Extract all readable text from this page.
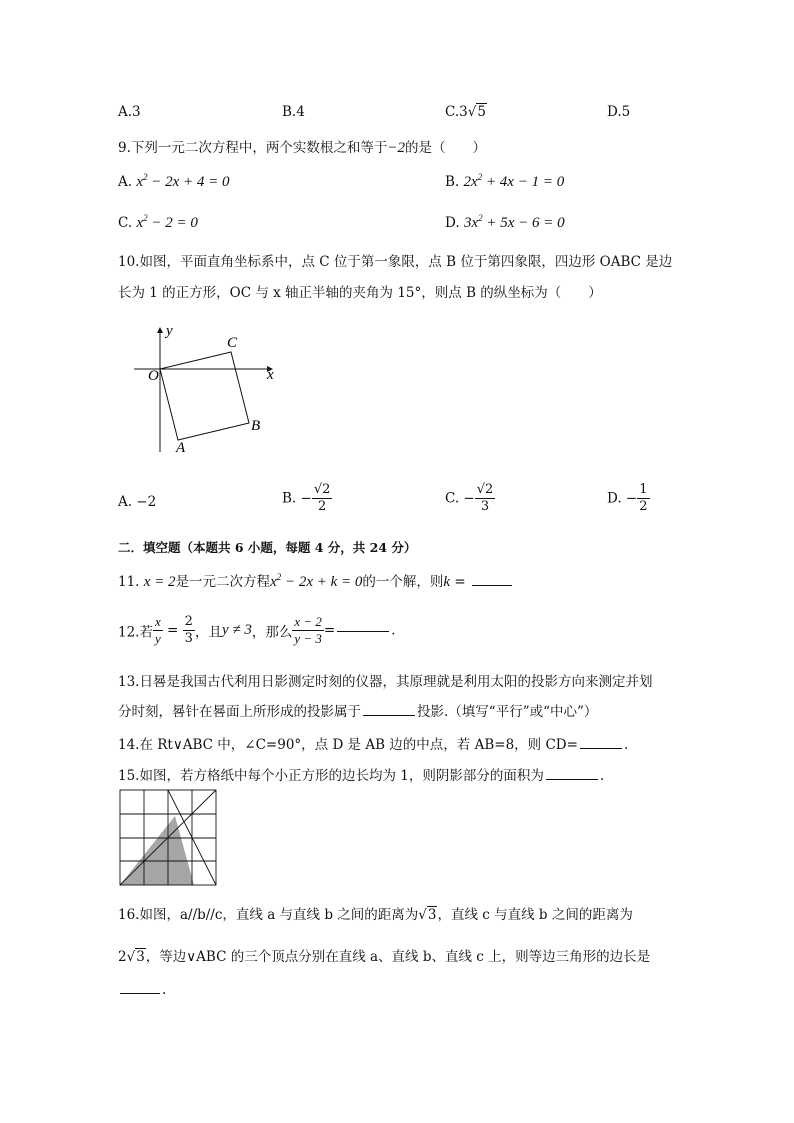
A.3	B.4	C.3√5	D.5
9.下列一元二次方程中，两个实数根之和等于−2的是（　　）
A. $x^2 - 2x + 4 = 0$	B. $2x^2 + 4x - 1 = 0$
C. $x^2 - 2 = 0$	D. $3x^2 + 5x - 6 = 0$
10.如图，平面直角坐标系中，点 C 位于第一象限，点 B 位于第四象限，四边形 OABC 是边
长为 1 的正方形，OC 与 x 轴正半轴的夹角为 15°，则点 B 的纵坐标为（　　）
x
y
O
A
B
C
A. −2	B. − $\frac{√2}{2}$	C. − $\frac{√2}{3}$	D. − $\frac{1}{2}$
二．填空题（本题共 6 小题，每题 4 分，共 24 分）
11. x = 2是一元二次方程$x^2 - 2x + k = 0$的一个解，则k =
12.若 $\frac{x}{y} = \frac{2}{3}$ ，且y ≠ 3，那么 $\frac{x - 2}{y - 3}$ =	.
13.日晷是我国古代利用日影测定时刻的仪器，其原理就是利用太阳的投影方向来测定并划
分时刻，晷针在晷面上所形成的投影属于	投影.（填写“平行”或“中心”）
14.在 Rt∨ABC 中，∠C=90°，点 D 是 AB 边的中点，若 AB=8，则 CD=	.
15.如图，若方格纸中每个小正方形的边长均为 1，则阴影部分的面积为	.
16.如图，a//b//c，直线 a 与直线 b 之间的距离为√3，直线 c 与直线 b 之间的距离为
2√3，等边∨ABC 的三个顶点分别在直线 a、直线 b、直线 c 上，则等边三角形的边长是
.
